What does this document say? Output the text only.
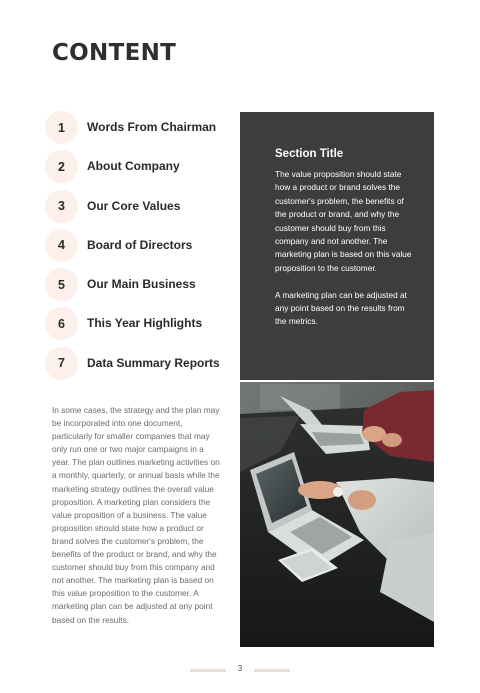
CONTENT
1	Words From Chairman
2	About Company
3	Our Core Values
4	Board of Directors
5	Our Main Business
6	This Year Highlights
7	Data Summary Reports

In some cases, the strategy and the plan may be incorporated into one document, particularly for smaller companies that may only run one or two major campaigns in a year. The plan outlines marketing activities on a monthly, quarterly, or annual basis while the marketing strategy outlines the overall value proposition. A marketing plan considers the value proposition of a business. The value proposition should state how a product or brand solves the customer's problem, the benefits of the product or brand, and why the customer should buy from this company and not another. The marketing plan is based on this value proposition to the customer. A marketing plan can be adjusted at any point based on the results.

Section Title

The value proposition should state how a product or brand solves the customer's problem, the benefits of the product or brand, and why the customer should buy from this company and not another. The marketing plan is based on this value proposition to the customer.

A marketing plan can be adjusted at any point based on the results from the metrics.

3
